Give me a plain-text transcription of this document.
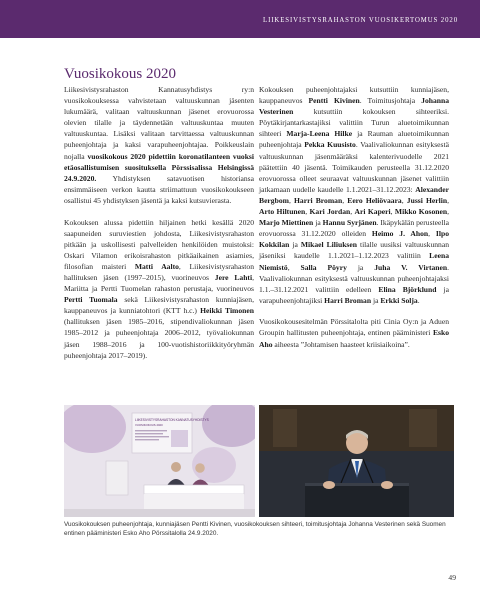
LIIKESIVISTYSRAHASTON VUOSIKERTOMUS 2020
Vuosikokous 2020

Liikesivistysrahaston Kannatusyhdistys ry:n vuosikokouksessa vahvistetaan valtuuskunnan jäsenten lukumäärä, valitaan valtuuskunnan jäsenet erovuorossa olevien tilalle ja täydennetään valtuuskuntaa muuten valtuuskuntaa. Lisäksi valitaan tarvittaessa valtuuskunnan puheenjohtaja ja kaksi varapuheenjohtajaa. Poikkeuslain nojalla vuosikokous 2020 pidettiin koronatilanteen vuoksi etäosallistumisen suosituksella Pörssisalissa Helsingissä 24.9.2020. Yhdistyksen satavuotisen historiansa ensimmäiseen verkon kautta striimattuun vuosikokoukseen osallistui 45 yhdistyksen jäsentä ja kaksi kutsuvierasta.

Kokouksen alussa pidettiin hiljainen hetki kesällä 2020 saapuneiden suruviestien johdosta, Liikesivistysrahaston pitkään ja uskollisesti palvelleiden henkilöiden muistoksi: Oskari Vilamon erikoisrahaston pitkäaikainen asiamies, filosofian maisteri Matti Aalto, Liikesivistysrahaston hallituksen jäsen (1997–2015), vuorineuvos Jere Lahti, Mariitta ja Pertti Tuomelan rahaston perustaja, vuorineuvos Pertti Tuomala sekä Liikesivistysrahaston kunniajäsen, kauppaneuvos ja kunniatohtori (KTT h.c.) Heikki Timonen (hallituksen jäsen 1985–2016, stipendivaliokunnan jäsen 1985–2012 ja puheenjohtaja 2006–2012, työvaliokunnan jäsen 1988–2016 ja 100-vuotishistoriikkityöryhmän puheenjohtaja 2017–2019).

Kokouksen puheenjohtajaksi kutsuttiin kunniajäsen, kauppaneuvos Pentti Kivinen. Toimitusjohtaja Johanna Vesterinen kutsuttiin kokouksen sihteeriksi. Pöytäkirjantarkastajiksi valittiin Turun aluetoimikunnan sihteeri Marja-Leena Hilke ja Rauman aluetoimikunnan puheenjohtaja Pekka Kuusisto. Vaalivaliokunnan esityksestä valtuuskunnan jäsenmääräksi kalenterivuodelle 2021 päätettiin 40 jäsentä. Toimikauden perusteella 31.12.2020 erovuorossa olleet seuraavat valtuuskunnan jäsenet valittiin jatkamaan uudelle kaudelle 1.1.2021–31.12.2023: Alexander Bergbom, Harri Broman, Eero Heliövaara, Jussi Herlin, Arto Hiltunen, Kari Jordan, Ari Kaperi, Mikko Kosonen, Marjo Miettinen ja Hannu Syrjänen. Ikäpykälän perusteella erovuorossa 31.12.2020 olleiden Heimo J. Ahon, Ilpo Kokkilan ja Mikael Liliuksen tilalle uusiksi valtuuskunnan jäseniksi kaudelle 1.1.2021–1.12.2023 valittiin Leena Niemistö, Salla Pöyry ja Juha V. Virtanen. Vaalivaliokunnan esityksestä valtuuskunnan puheenjohtajaksi 1.1.–31.12.2021 valittiin edelleen Elina Björklund ja varapuheenjohtajiksi Harri Broman ja Erkki Solja.

Vuosikokousesitelmän Pörssitalolta piti Cinia Oy:n ja Aduen Groupin hallitusten puheenjohtaja, entinen pääministeri Esko Aho aiheesta ”Johtamisen haasteet kriisiaikoina”.

LIIKESIVISTYSRAHASTON KANNATUSYHDISTYS
VUOSIKOKOUS 2020
Vuosikokouksen puheenjohtaja, kunniajäsen Pentti Kivinen, vuosikokouksen sihteeri, toimitusjohtaja Johanna Vesterinen sekä Suomen entinen pääministeri Esko Aho Pörssitalolla 24.9.2020.
49
